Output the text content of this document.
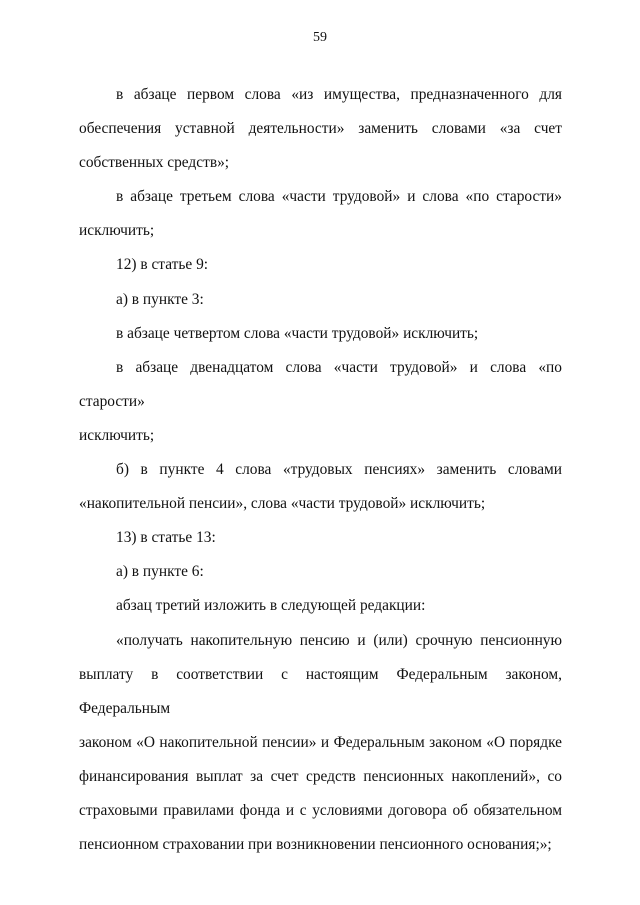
59
в абзаце первом слова «из имущества, предназначенного для
обеспечения уставной деятельности» заменить словами «за счет
собственных средств»;
в абзаце третьем слова «части трудовой» и слова «по старости»
исключить;
12) в статье 9:
а) в пункте 3:
в абзаце четвертом слова «части трудовой» исключить;
в абзаце двенадцатом слова «части трудовой» и слова «по старости»
исключить;
б) в пункте 4 слова «трудовых пенсиях» заменить словами
«накопительной пенсии», слова «части трудовой» исключить;
13) в статье 13:
а) в пункте 6:
абзац третий изложить в следующей редакции:
«получать накопительную пенсию и (или) срочную пенсионную
выплату в соответствии с настоящим Федеральным законом, Федеральным
законом «О накопительной пенсии» и Федеральным законом «О порядке
финансирования выплат за счет средств пенсионных накоплений», со
страховыми правилами фонда и с условиями договора об обязательном
пенсионном страховании при возникновении пенсионного основания;»;
